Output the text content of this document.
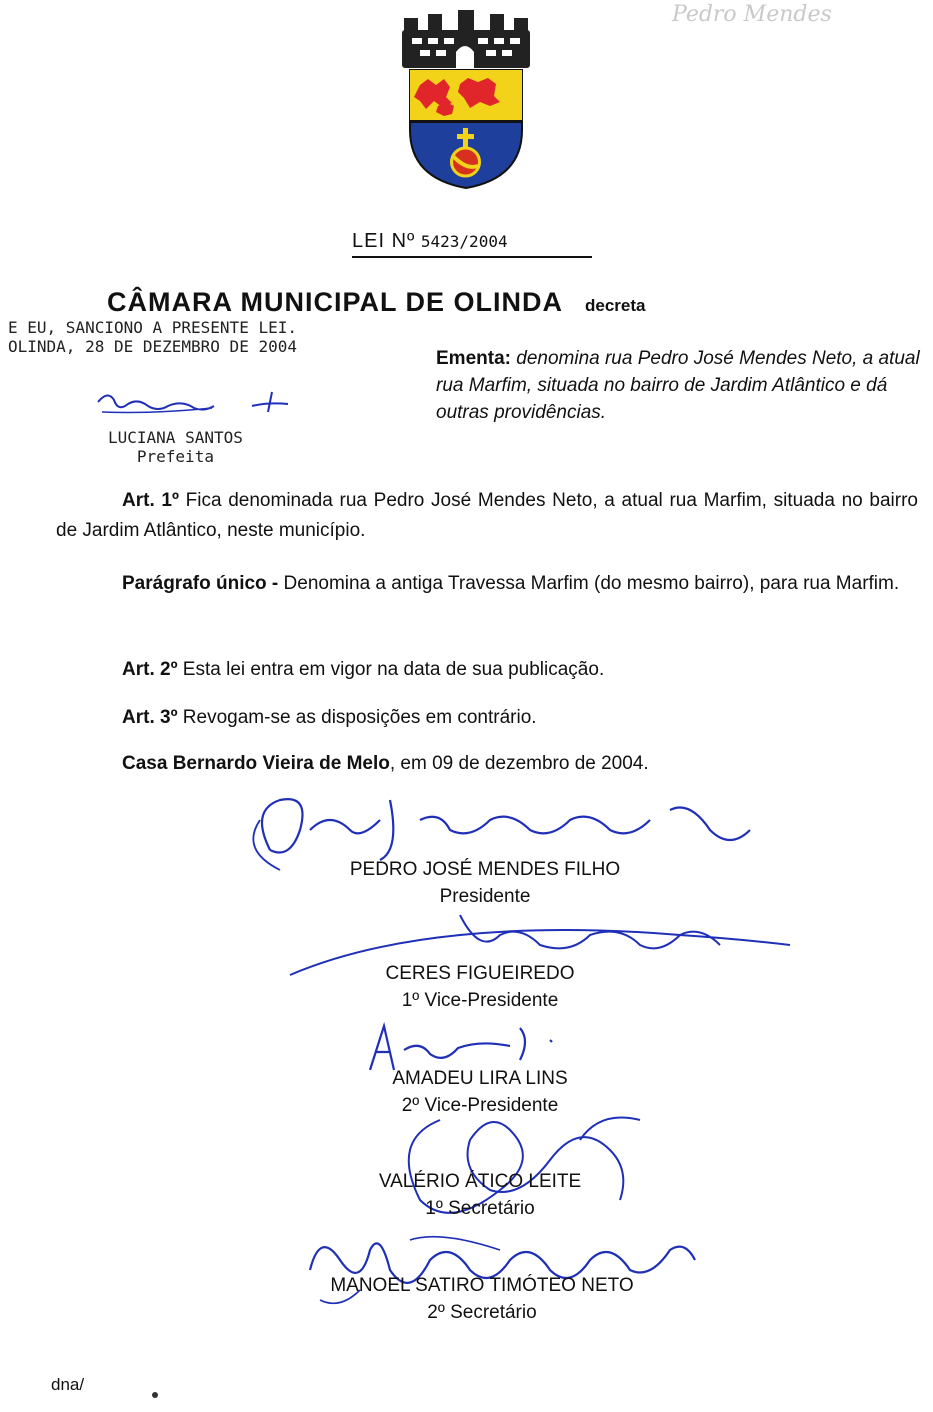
Pedro Mendes
LEI Nº 5423/2004
CÂMARA MUNICIPAL DE OLINDA decreta
E EU, SANCIONO A PRESENTE LEI.
OLINDA, 28 DE DEZEMBRO DE 2004
LUCIANA SANTOS
Prefeita
Ementa: denomina rua Pedro José Mendes Neto, a atual rua Marfim, situada no bairro de Jardim Atlântico e dá outras providências.
Art. 1º Fica denominada rua Pedro José Mendes Neto, a atual rua Marfim, situada no bairro de Jardim Atlântico, neste município.
Parágrafo único - Denomina a antiga Travessa Marfim (do mesmo bairro), para rua Marfim.
Art. 2º Esta lei entra em vigor na data de sua publicação.
Art. 3º Revogam-se as disposições em contrário.
Casa Bernardo Vieira de Melo, em 09 de dezembro de 2004.
PEDRO JOSÉ MENDES FILHO
Presidente
CERES FIGUEIREDO
1º Vice-Presidente
AMADEU LIRA LINS
2º Vice-Presidente
VALÉRIO ÁTICO LEITE
1º Secretário
MANOEL SATIRO TIMÓTEO NETO
2º Secretário
dna/
